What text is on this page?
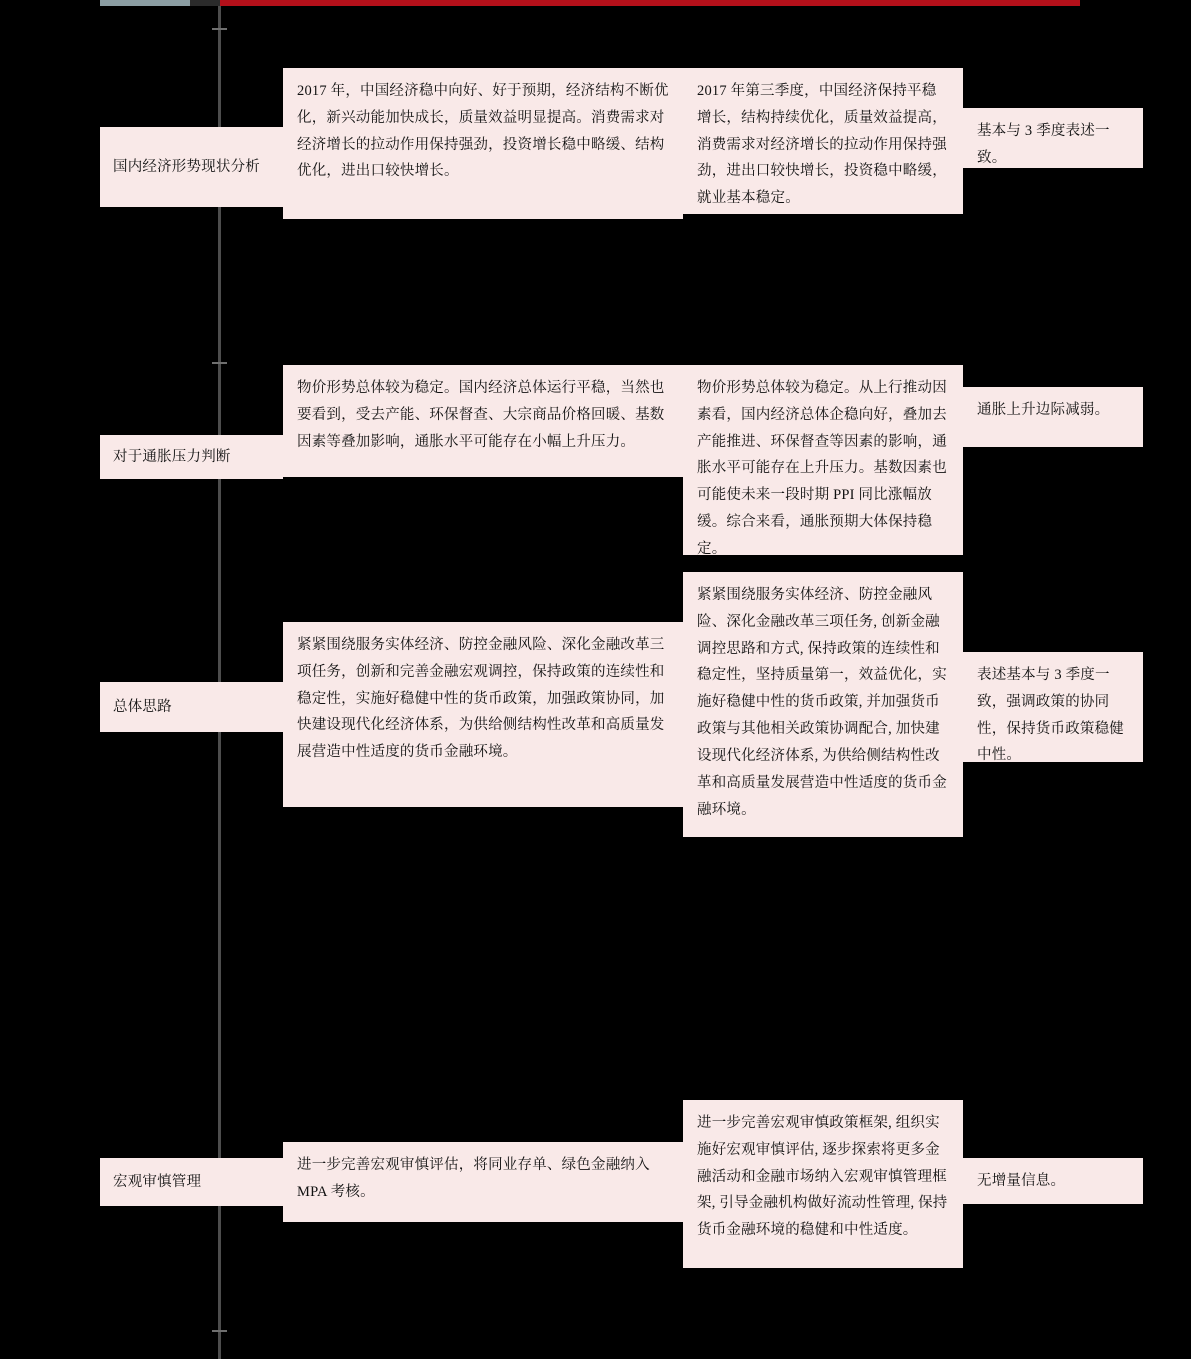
国内经济形势现状分析
2017 年，中国经济稳中向好、好于预期，经济结构不断优化，新兴动能加快成长，质量效益明显提高。消费需求对经济增长的拉动作用保持强劲，投资增长稳中略缓、结构优化，进出口较快增长。
2017 年第三季度，中国经济保持平稳增长，结构持续优化，质量效益提高，消费需求对经济增长的拉动作用保持强劲，进出口较快增长，投资稳中略缓，就业基本稳定。
基本与 3 季度表述一致。
对于通胀压力判断
物价形势总体较为稳定。国内经济总体运行平稳，当然也要看到，受去产能、环保督查、大宗商品价格回暖、基数因素等叠加影响，通胀水平可能存在小幅上升压力。
物价形势总体较为稳定。从上行推动因素看，国内经济总体企稳向好，叠加去产能推进、环保督查等因素的影响，通胀水平可能存在上升压力。基数因素也可能使未来一段时期 PPI 同比涨幅放缓。综合来看，通胀预期大体保持稳定。
通胀上升边际减弱。
总体思路
紧紧围绕服务实体经济、防控金融风险、深化金融改革三项任务，创新和完善金融宏观调控，保持政策的连续性和稳定性，实施好稳健中性的货币政策，加强政策协同，加快建设现代化经济体系，为供给侧结构性改革和高质量发展营造中性适度的货币金融环境。
紧紧围绕服务实体经济、防控金融风险、深化金融改革三项任务, 创新金融调控思路和方式, 保持政策的连续性和稳定性，坚持质量第一，效益优化，实施好稳健中性的货币政策, 并加强货币政策与其他相关政策协调配合, 加快建设现代化经济体系, 为供给侧结构性改革和高质量发展营造中性适度的货币金融环境。
表述基本与 3 季度一致，强调政策的协同性，保持货币政策稳健中性。
宏观审慎管理
进一步完善宏观审慎评估，将同业存单、绿色金融纳入 MPA 考核。
进一步完善宏观审慎政策框架, 组织实施好宏观审慎评估, 逐步探索将更多金融活动和金融市场纳入宏观审慎管理框架, 引导金融机构做好流动性管理, 保持货币金融环境的稳健和中性适度。
无增量信息。
